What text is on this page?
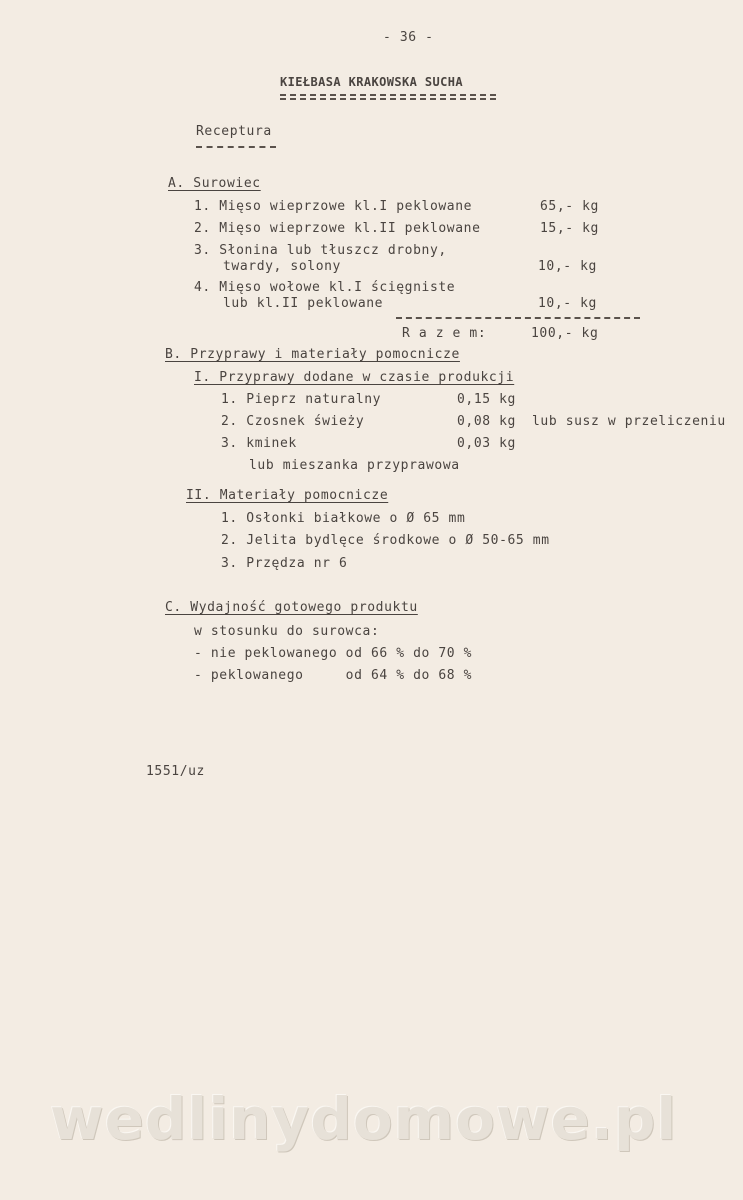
- 36 -
KIEŁBASA KRAKOWSKA SUCHA
Receptura
A. Surowiec
1. Mięso wieprzowe kl.I peklowane	65,- kg
2. Mięso wieprzowe kl.II peklowane	15,- kg
3. Słonina lub tłuszcz drobny,
twardy, solony	10,- kg
4. Mięso wołowe kl.I ścięgniste
lub kl.II peklowane	10,- kg
R a z e m:	100,- kg
B. Przyprawy i materiały pomocnicze
I. Przyprawy dodane w czasie produkcji
1. Pieprz naturalny	0,15 kg
2. Czosnek świeży	0,08 kg lub susz w przeliczeniu
3. kminek	0,03 kg
lub mieszanka przyprawowa
II. Materiały pomocnicze
1. Osłonki białkowe o Ø 65 mm
2. Jelita bydlęce środkowe o Ø 50-65 mm
3. Przędza nr 6
C. Wydajność gotowego produktu
w stosunku do surowca:
- nie peklowanego od 66 % do 70 %
- peklowanego     od 64 % do 68 %
1551/uz
wedlinydomowe.pl
